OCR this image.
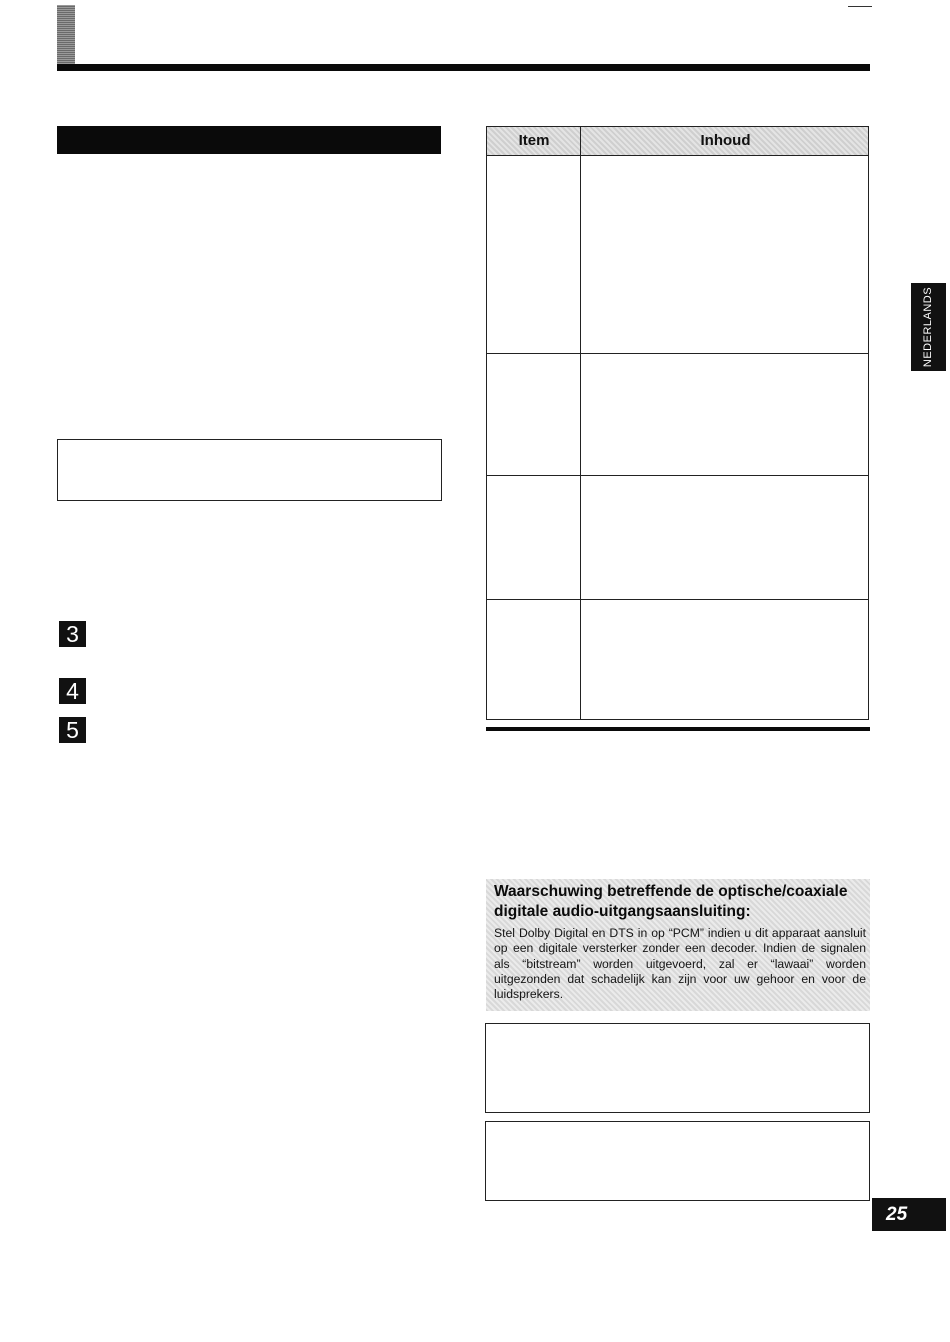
3
4
5
Item	Inhoud

Waarschuwing betreffende de optische/coaxiale digitale audio-uitgangsaansluiting:

Stel Dolby Digital en DTS in op “PCM” indien u dit apparaat aansluit op een digitale versterker zonder een decoder. Indien de signalen als “bitstream” worden uitgevoerd, zal er “lawaai” worden uitgezonden dat schadelijk kan zijn voor uw gehoor en voor de luidsprekers.

NEDERLANDS
25
